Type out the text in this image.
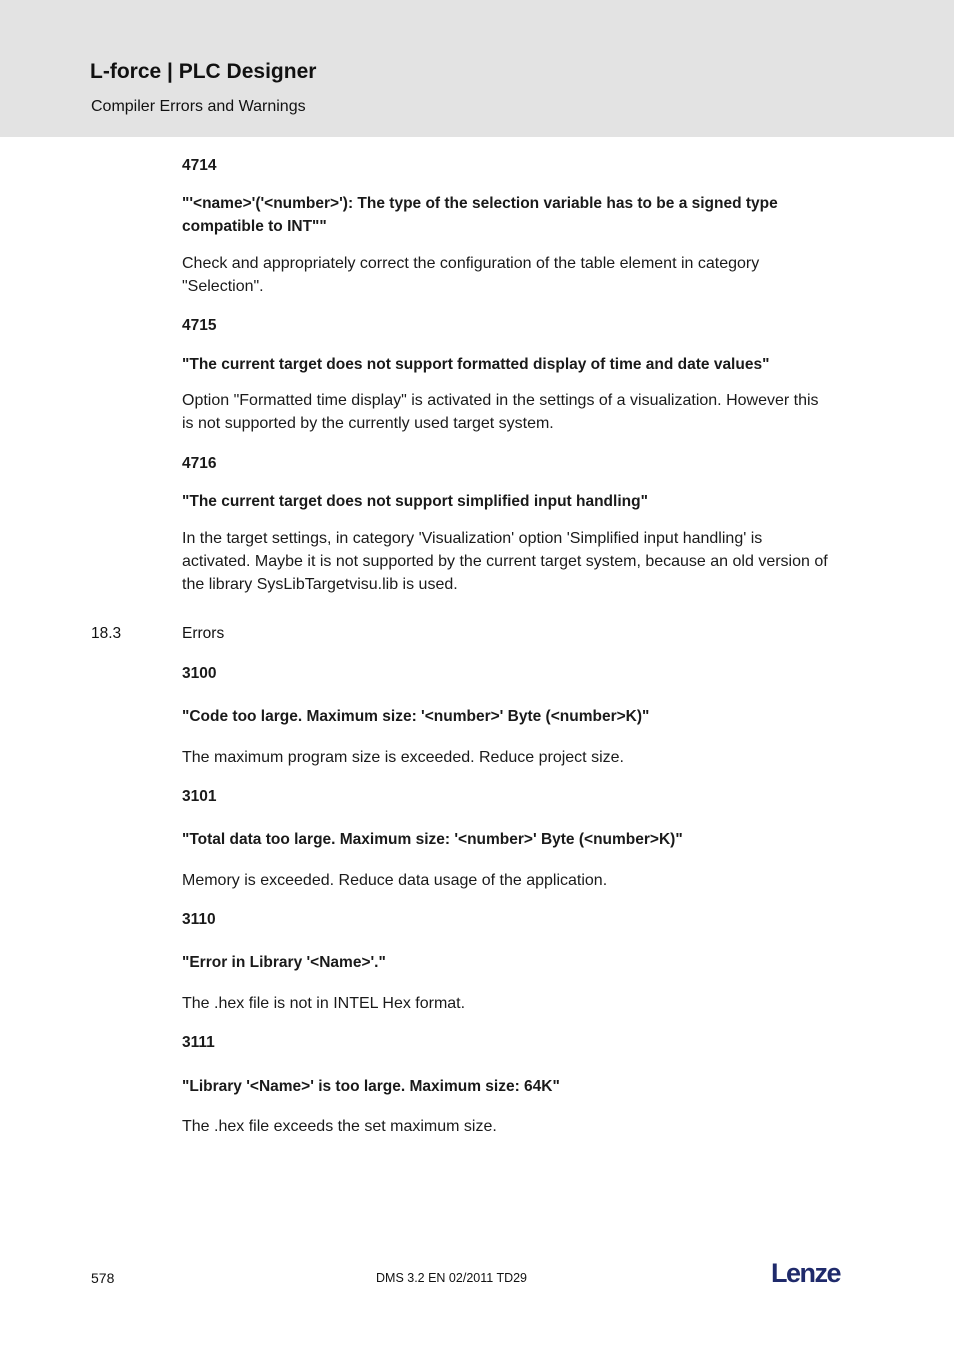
L-force | PLC Designer
Compiler Errors and Warnings
4714
"'<name>'('<number>'): The type of the selection variable has to be a signed type compatible to INT""
Check and appropriately correct the configuration of the table element in category "Selection".
4715
"The current target does not support formatted display of time and date values"
Option "Formatted time display" is activated in the settings of a visualization. However this is not supported by the currently used target system.
4716
"The current target does not support simplified input handling"
In the target settings, in category 'Visualization' option 'Simplified input handling' is activated. Maybe it is not supported by the current target system, because an old version of the library SysLibTargetvisu.lib is used.
3100
"Code too large. Maximum size: '<number>' Byte (<number>K)"
The maximum program size is exceeded. Reduce project size.
3101
"Total data too large. Maximum size: '<number>' Byte (<number>K)"
Memory is exceeded. Reduce data usage of the application.
3110
"Error in Library '<Name>'."
The .hex file is not in INTEL Hex format.
3111
"Library '<Name>' is too large. Maximum size: 64K"
The .hex file exceeds the set maximum size.
18.3	Errors
578	DMS 3.2 EN 02/2011 TD29	Lenze
